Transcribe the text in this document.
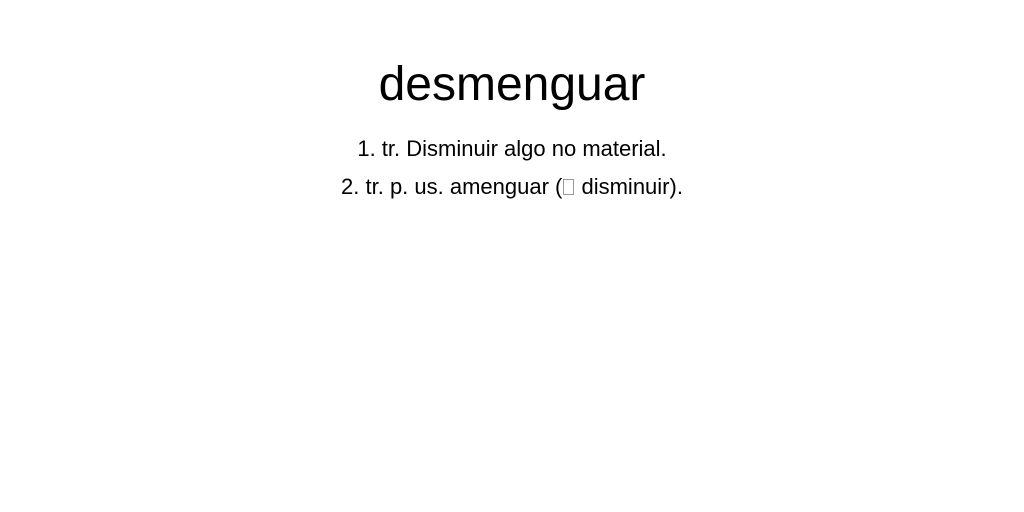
desmenguar
1. tr. Disminuir algo no material.
2. tr. p. us. amenguar ( disminuir).
